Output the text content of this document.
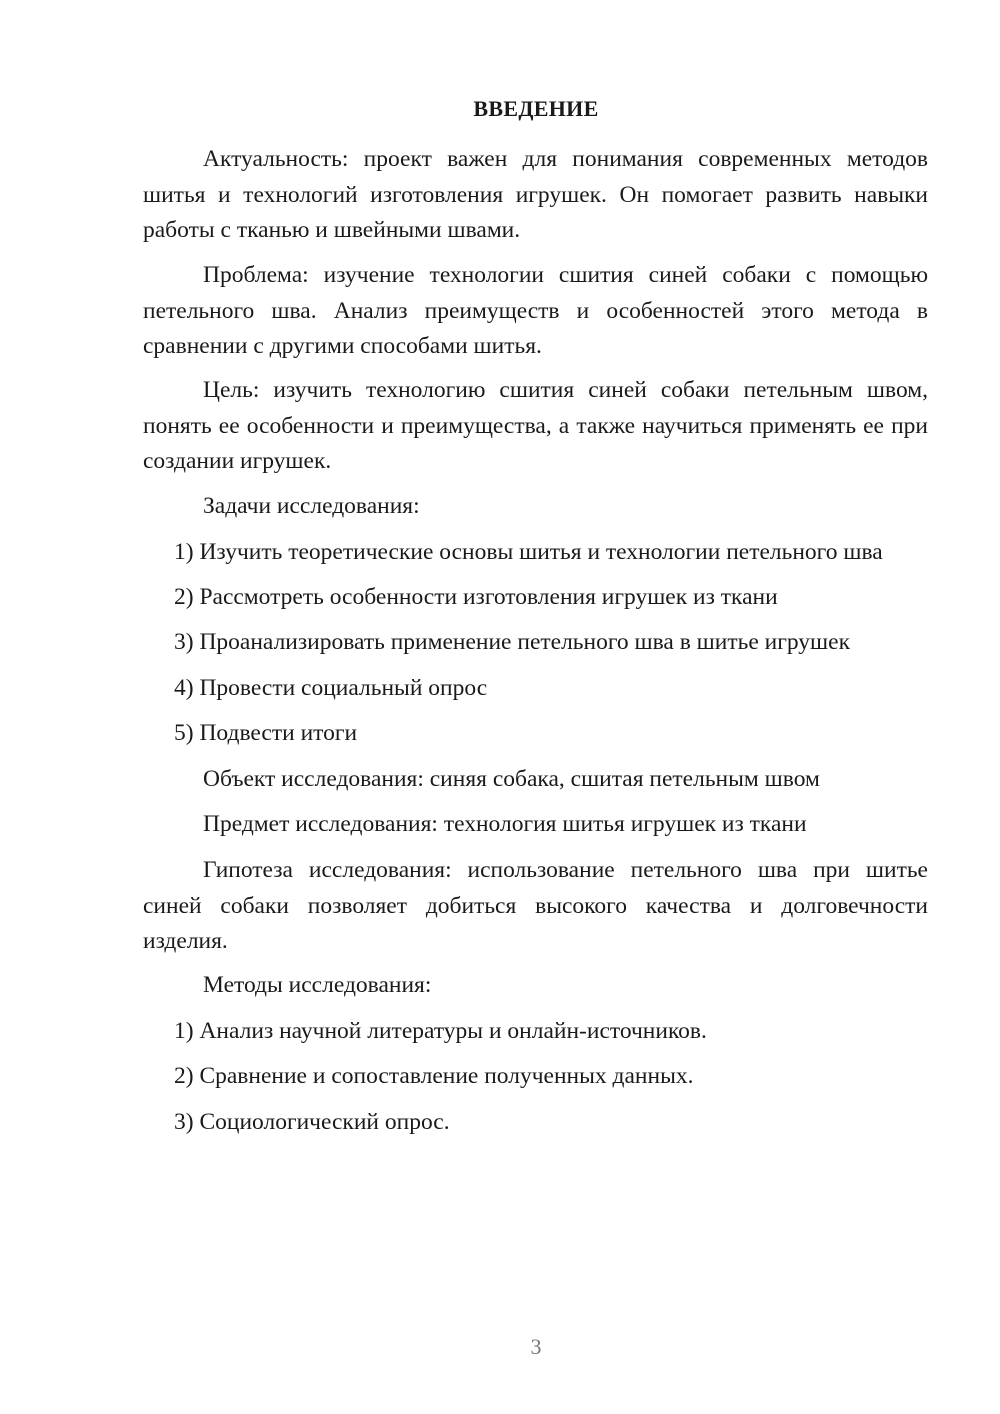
ВВЕДЕНИЕ

Актуальность: проект важен для понимания современных методов шитья и технологий изготовления игрушек. Он помогает развить навыки работы с тканью и швейными швами.

Проблема: изучение технологии сшития синей собаки с помощью петельного шва. Анализ преимуществ и особенностей этого метода в сравнении с другими способами шитья.

Цель: изучить технологию сшития синей собаки петельным швом, понять ее особенности и преимущества, а также научиться применять ее при создании игрушек.

Задачи исследования:

1) Изучить теоретические основы шитья и технологии петельного шва

2) Рассмотреть особенности изготовления игрушек из ткани

3) Проанализировать применение петельного шва в шитье игрушек

4) Провести социальный опрос

5) Подвести итоги

Объект исследования: синяя собака, сшитая петельным швом

Предмет исследования: технология шитья игрушек из ткани

Гипотеза исследования: использование петельного шва при шитье синей собаки позволяет добиться высокого качества и долговечности изделия.

Методы исследования:

1) Анализ научной литературы и онлайн-источников.

2) Сравнение и сопоставление полученных данных.

3) Социологический опрос.

3
